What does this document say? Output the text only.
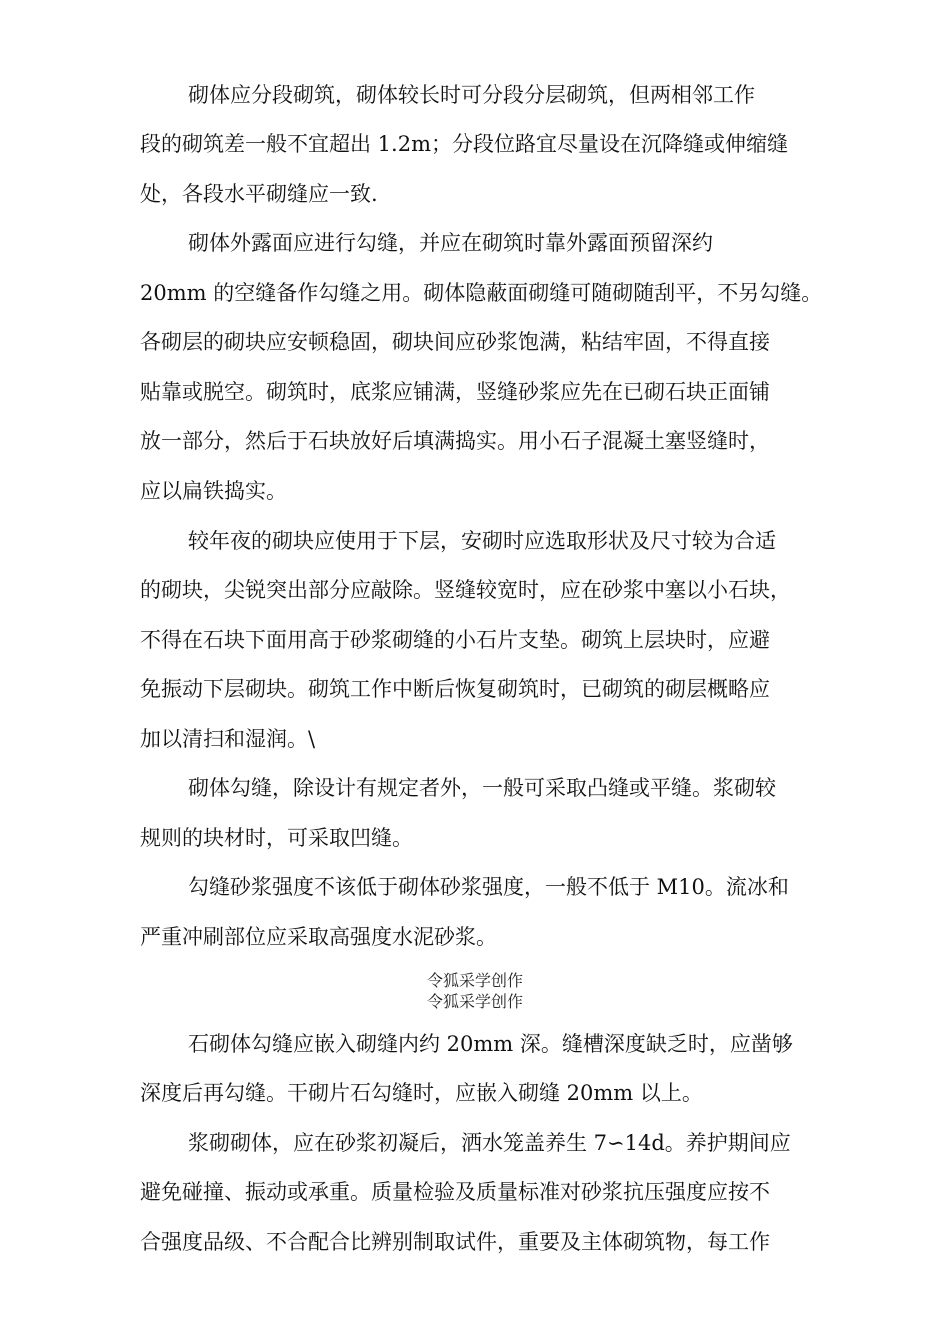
砌体应分段砌筑，砌体较长时可分段分层砌筑，但两相邻工作
段的砌筑差一般不宜超出 1.2m；分段位路宜尽量设在沉降缝或伸缩缝
处，各段水平砌缝应一致.
砌体外露面应进行勾缝，并应在砌筑时靠外露面预留深约
20mm 的空缝备作勾缝之用。砌体隐蔽面砌缝可随砌随刮平，不另勾缝。
各砌层的砌块应安顿稳固，砌块间应砂浆饱满，粘结牢固，不得直接
贴靠或脱空。砌筑时，底浆应铺满，竖缝砂浆应先在已砌石块正面铺
放一部分，然后于石块放好后填满捣实。用小石子混凝土塞竖缝时，
应以扁铁捣实。
较年夜的砌块应使用于下层，安砌时应选取形状及尺寸较为合适
的砌块，尖锐突出部分应敲除。竖缝较宽时，应在砂浆中塞以小石块，
不得在石块下面用高于砂浆砌缝的小石片支垫。砌筑上层块时，应避
免振动下层砌块。砌筑工作中断后恢复砌筑时，已砌筑的砌层概略应
加以清扫和湿润。\
砌体勾缝，除设计有规定者外，一般可采取凸缝或平缝。浆砌较
规则的块材时，可采取凹缝。
勾缝砂浆强度不该低于砌体砂浆强度，一般不低于 M10。流冰和
严重冲刷部位应采取高强度水泥砂浆。
令狐采学创作
令狐采学创作
石砌体勾缝应嵌入砌缝内约 20mm 深。缝槽深度缺乏时，应凿够
深度后再勾缝。干砌片石勾缝时，应嵌入砌缝 20mm 以上。
浆砌砌体，应在砂浆初凝后，洒水笼盖养生 7∽14d。养护期间应
避免碰撞、振动或承重。质量检验及质量标准对砂浆抗压强度应按不
合强度品级、不合配合比辨别制取试件，重要及主体砌筑物，每工作
